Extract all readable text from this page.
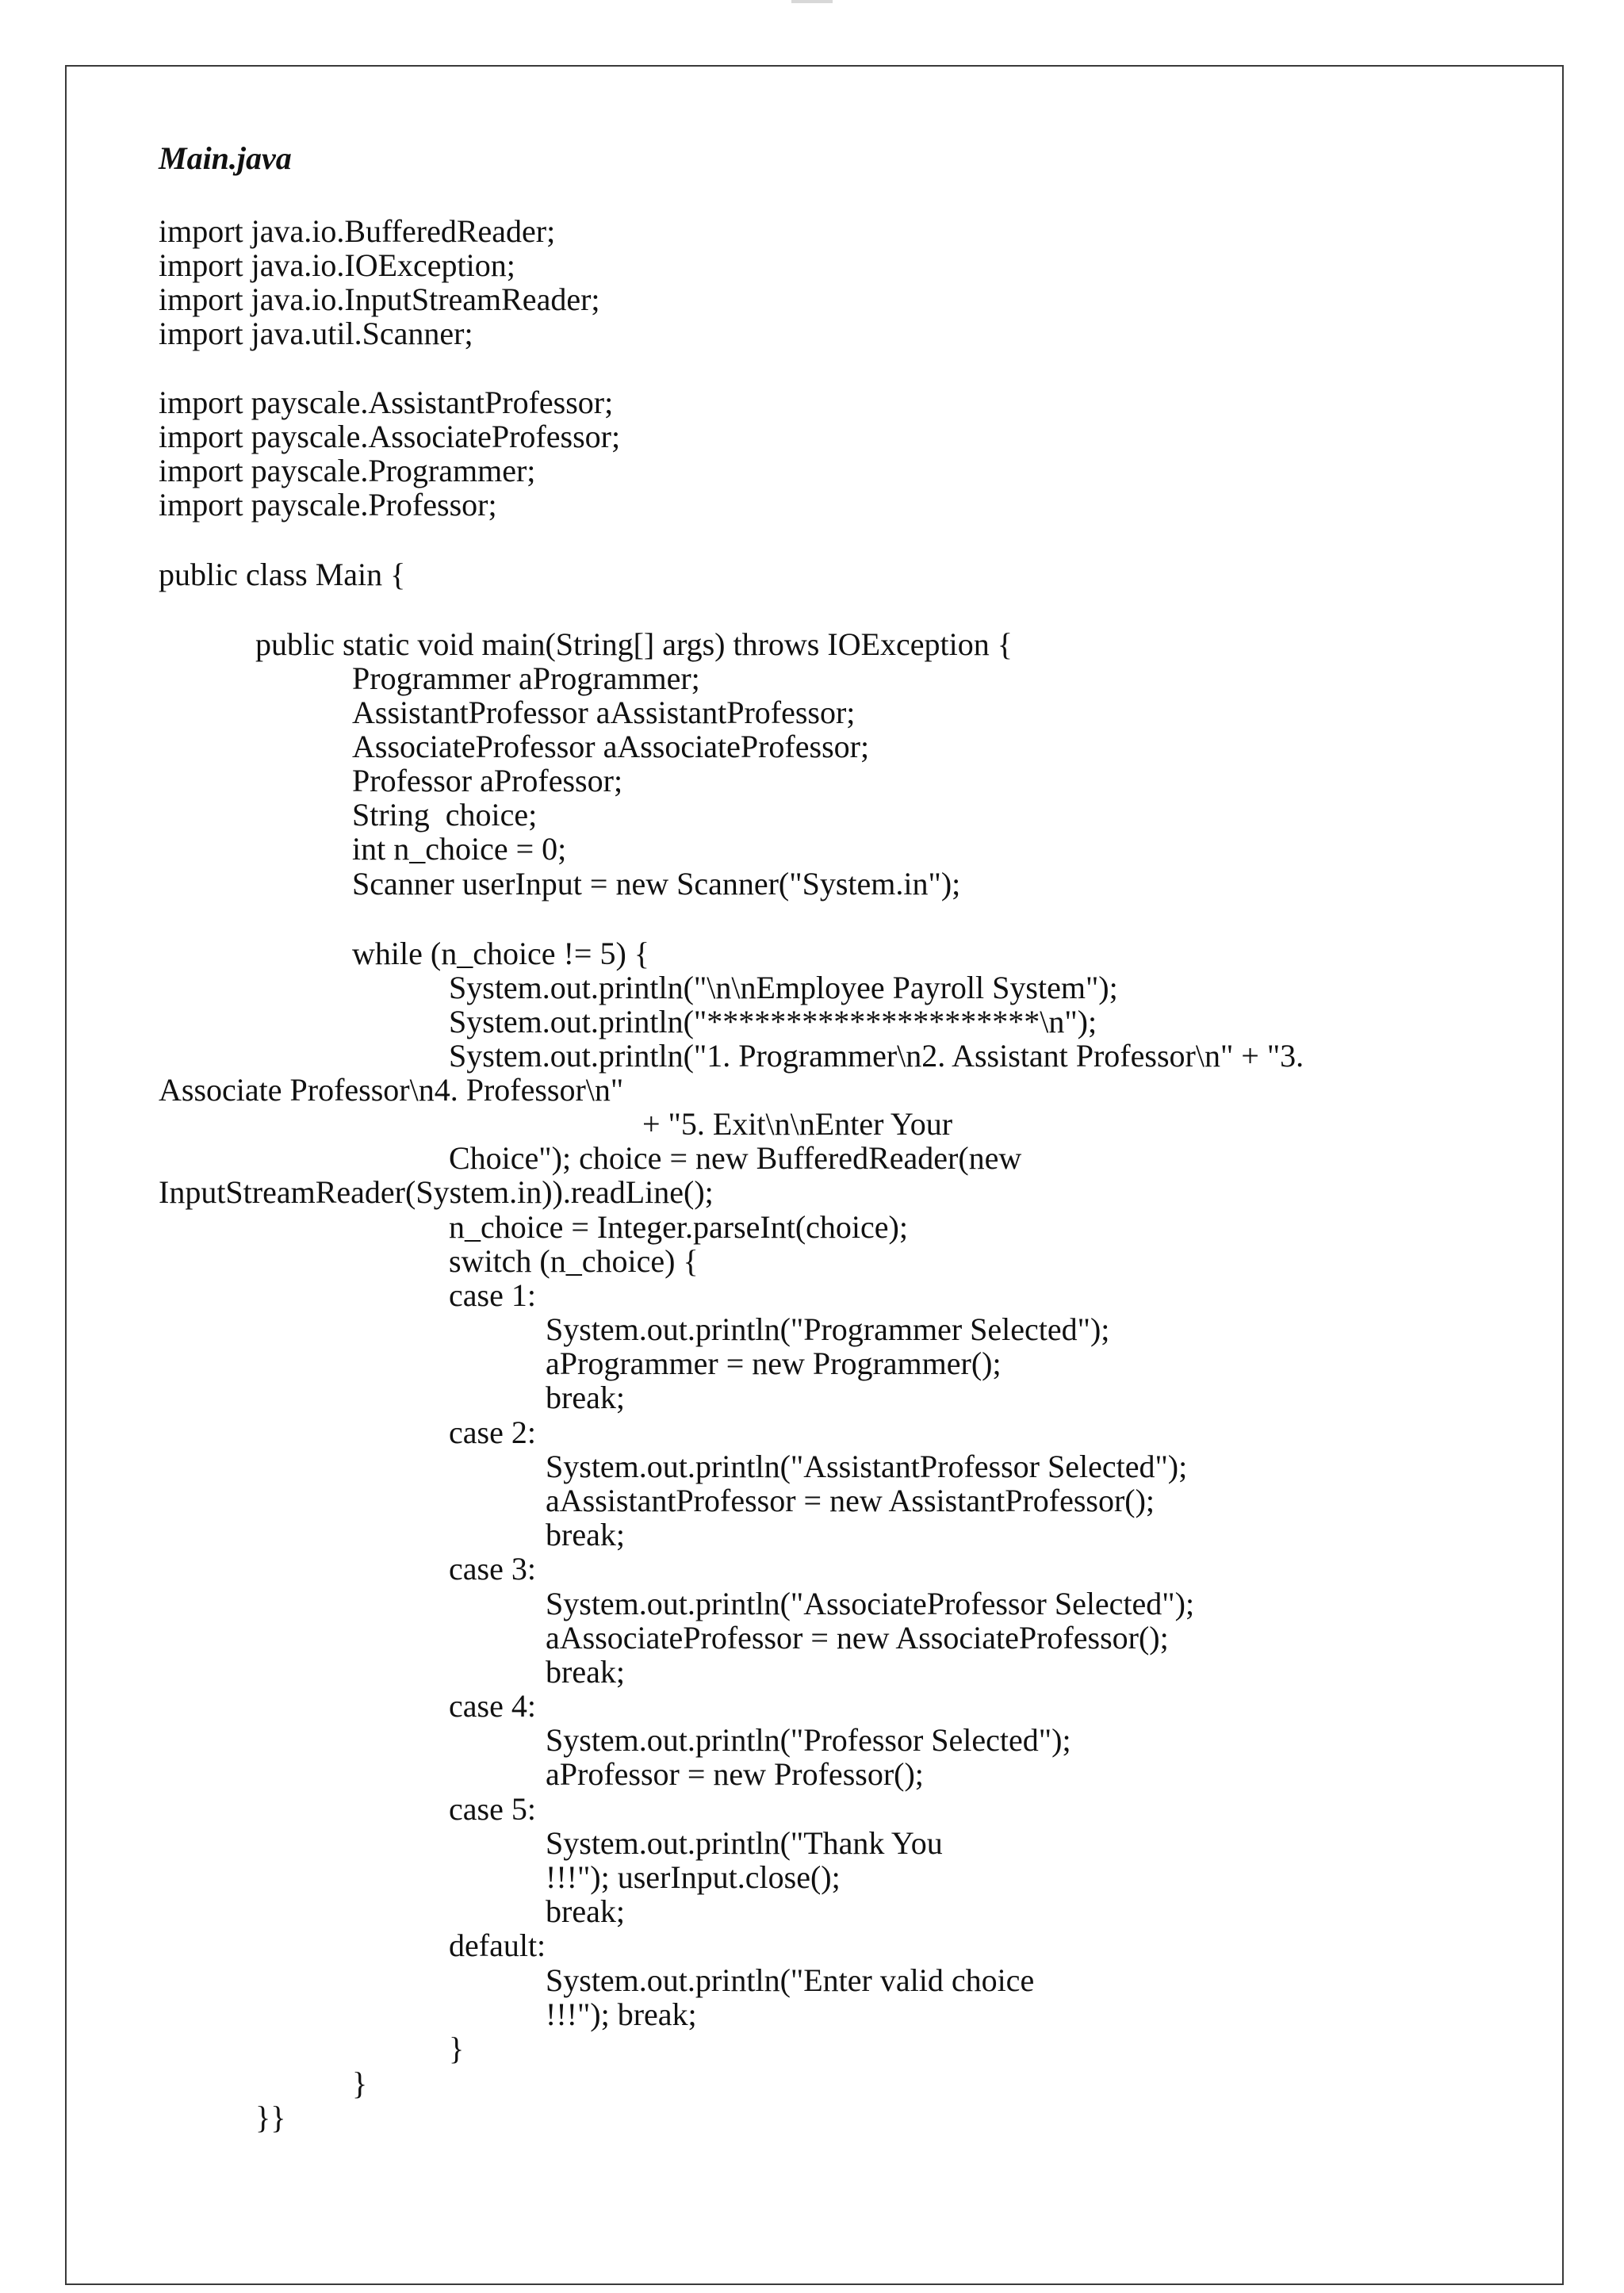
Main.java
import java.io.BufferedReader;
import java.io.IOException;
import java.io.InputStreamReader;
import java.util.Scanner;
import payscale.AssistantProfessor;
import payscale.AssociateProfessor;
import payscale.Programmer;
import payscale.Professor;
public class Main {
public static void main(String[] args) throws IOException {
Programmer aProgrammer;
AssistantProfessor aAssistantProfessor;
AssociateProfessor aAssociateProfessor;
Professor aProfessor;
String  choice;
int n_choice = 0;
Scanner userInput = new Scanner("System.in");
while (n_choice != 5) {
System.out.println("\n\nEmployee Payroll System");
System.out.println("*********************\n");
System.out.println("1. Programmer\n2. Assistant Professor\n" + "3.
Associate Professor\n4. Professor\n"
+ "5. Exit\n\nEnter Your
Choice"); choice = new BufferedReader(new
InputStreamReader(System.in)).readLine();
n_choice = Integer.parseInt(choice);
switch (n_choice) {
case 1:
System.out.println("Programmer Selected");
aProgrammer = new Programmer();
break;
case 2:
System.out.println("AssistantProfessor Selected");
aAssistantProfessor = new AssistantProfessor();
break;
case 3:
System.out.println("AssociateProfessor Selected");
aAssociateProfessor = new AssociateProfessor();
break;
case 4:
System.out.println("Professor Selected");
aProfessor = new Professor();
case 5:
System.out.println("Thank You
!!!"); userInput.close();
break;
default:
System.out.println("Enter valid choice
!!!"); break;
}
}
}}
